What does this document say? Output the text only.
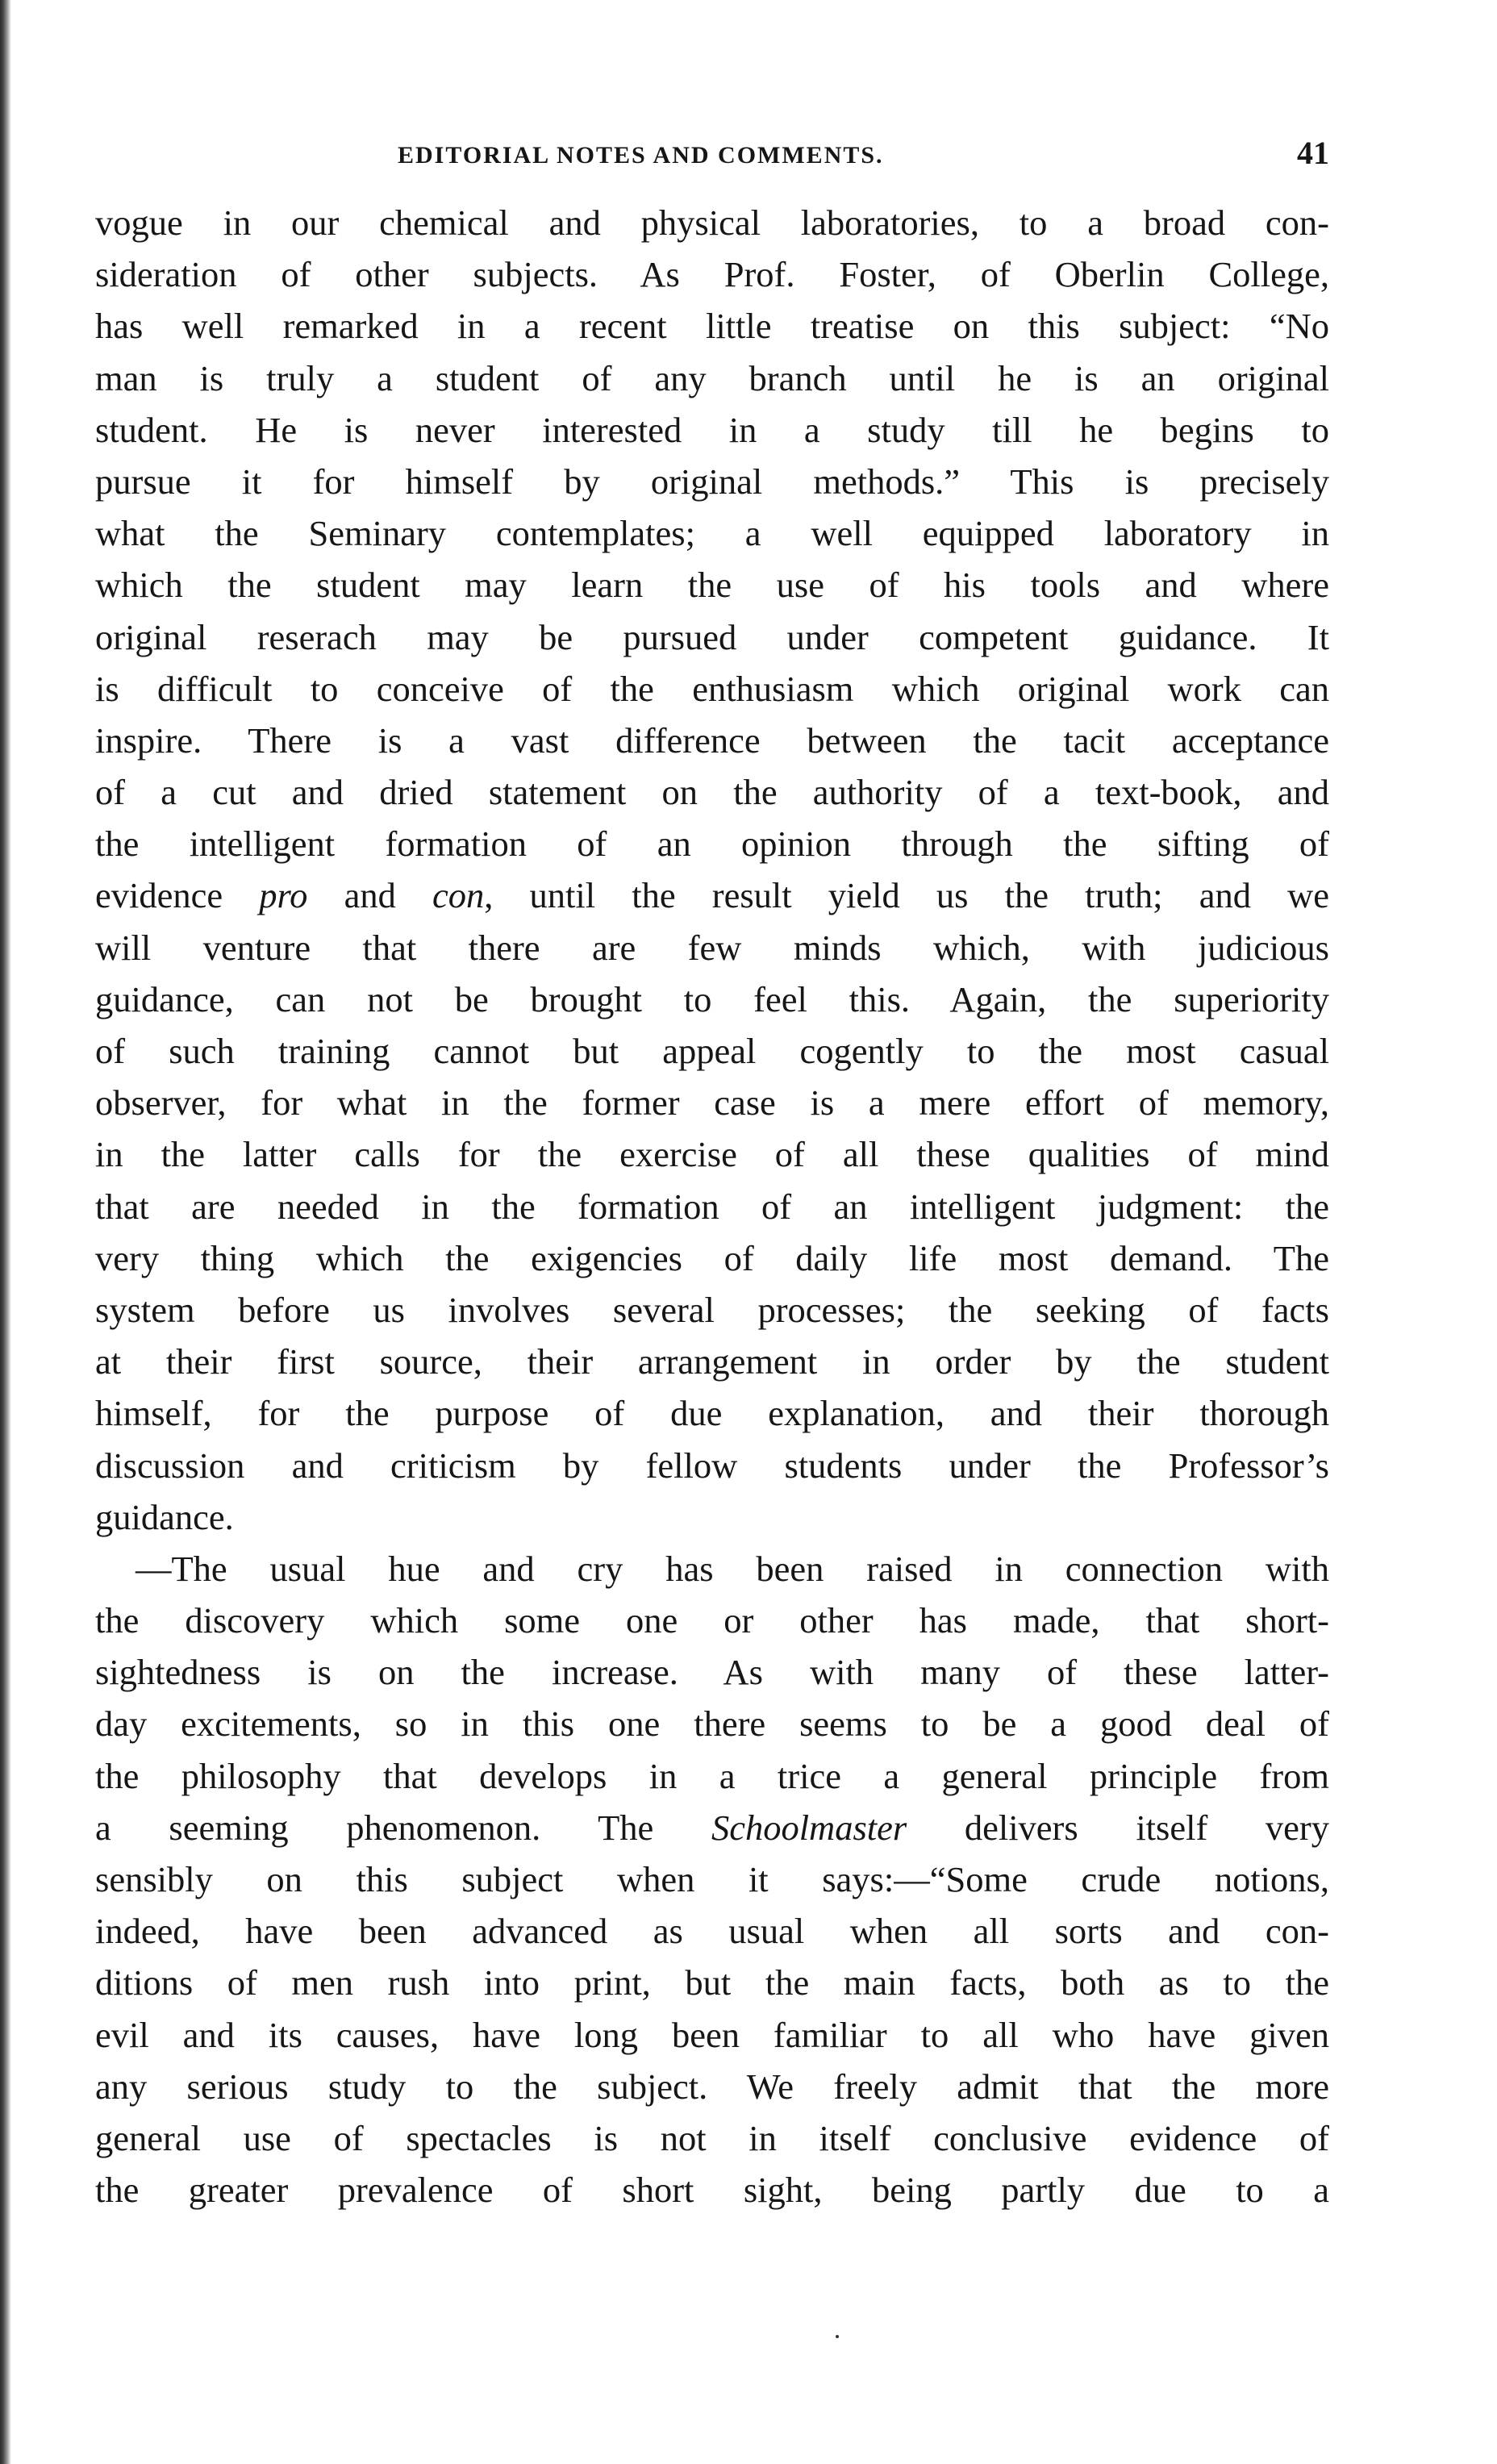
EDITORIAL NOTES AND COMMENTS.	41
vogue in our chemical and physical laboratories, to a broad con-
sideration of other subjects. As Prof. Foster, of Oberlin College,
has well remarked in a recent little treatise on this subject: “No
man is truly a student of any branch until he is an original
student. He is never interested in a study till he begins to
pursue it for himself by original methods.” This is precisely
what the Seminary contemplates; a well equipped laboratory in
which the student may learn the use of his tools and where
original reserach may be pursued under competent guidance. It
is difficult to conceive of the enthusiasm which original work can
inspire. There is a vast difference between the tacit acceptance
of a cut and dried statement on the authority of a text-book, and
the intelligent formation of an opinion through the sifting of
evidence pro and con, until the result yield us the truth; and we
will venture that there are few minds which, with judicious
guidance, can not be brought to feel this. Again, the superiority
of such training cannot but appeal cogently to the most casual
observer, for what in the former case is a mere effort of memory,
in the latter calls for the exercise of all these qualities of mind
that are needed in the formation of an intelligent judgment: the
very thing which the exigencies of daily life most demand. The
system before us involves several processes; the seeking of facts
at their first source, their arrangement in order by the student
himself, for the purpose of due explanation, and their thorough
discussion and criticism by fellow students under the Professor’s
guidance.
—The usual hue and cry has been raised in connection with
the discovery which some one or other has made, that short-
sightedness is on the increase. As with many of these latter-
day excitements, so in this one there seems to be a good deal of
the philosophy that develops in a trice a general principle from
a seeming phenomenon. The Schoolmaster delivers itself very
sensibly on this subject when it says:—“Some crude notions,
indeed, have been advanced as usual when all sorts and con-
ditions of men rush into print, but the main facts, both as to the
evil and its causes, have long been familiar to all who have given
any serious study to the subject. We freely admit that the more
general use of spectacles is not in itself conclusive evidence of
the greater prevalence of short sight, being partly due to a
